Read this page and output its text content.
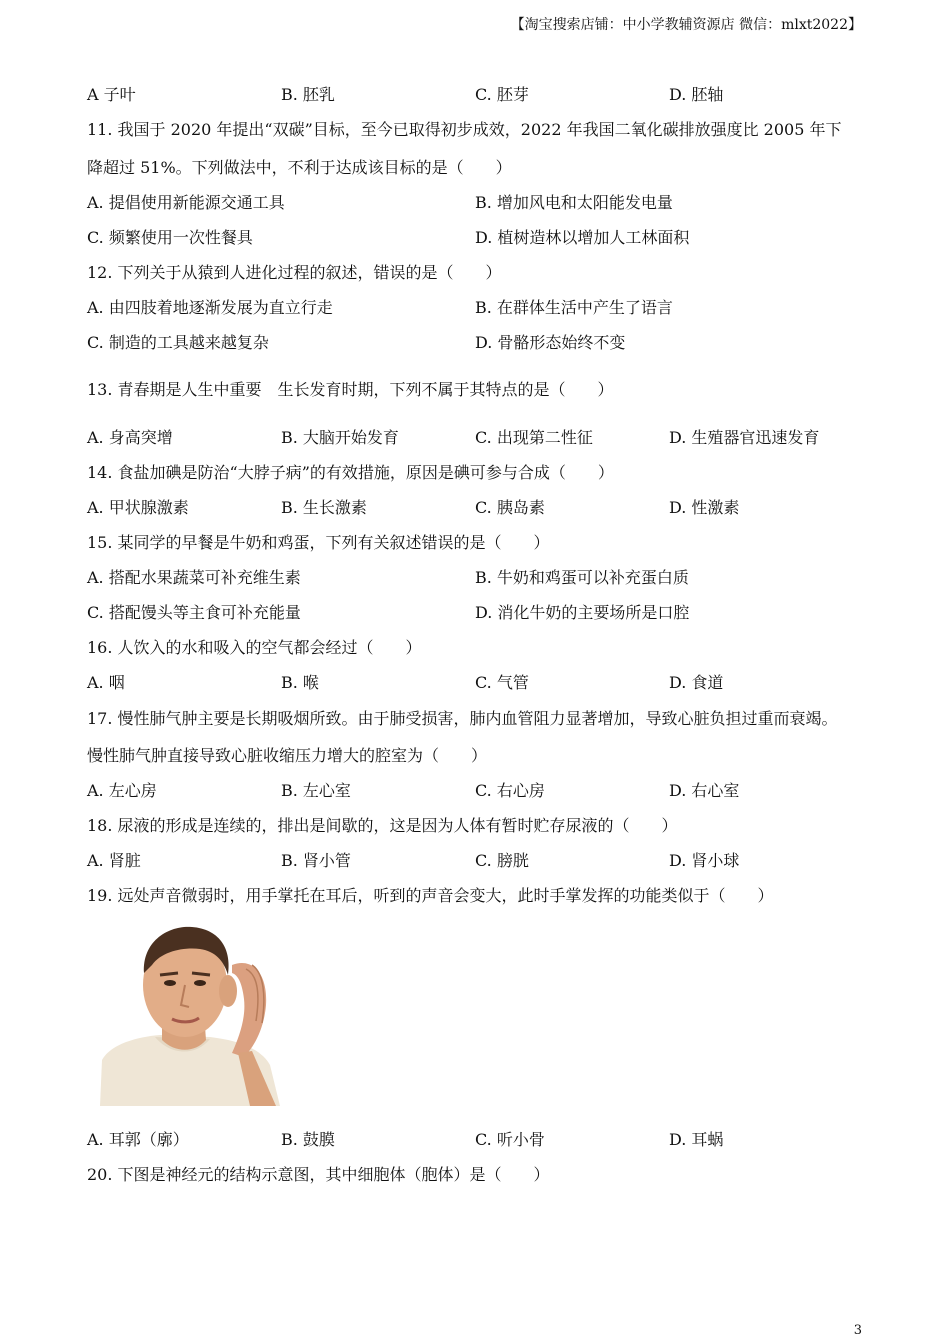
【淘宝搜索店铺：中小学教辅资源店 微信：mlxt2022】
A 子叶	B. 胚乳	C. 胚芽	D. 胚轴
11. 我国于 2020 年提出“双碳”目标，至今已取得初步成效，2022 年我国二氧化碳排放强度比 2005 年下
降超过 51%。下列做法中，不利于达成该目标的是（　　）
A. 提倡使用新能源交通工具	B. 增加风电和太阳能发电量
C. 频繁使用一次性餐具	D. 植树造林以增加人工林面积
12. 下列关于从猿到人进化过程的叙述，错误的是（　　）
A. 由四肢着地逐渐发展为直立行走	B. 在群体生活中产生了语言
C. 制造的工具越来越复杂	D. 骨骼形态始终不变
13. 青春期是人生中重要　生长发育时期，下列不属于其特点的是（　　）
A. 身高突增	B. 大脑开始发育	C. 出现第二性征	D. 生殖器官迅速发育
14. 食盐加碘是防治“大脖子病”的有效措施，原因是碘可参与合成（　　）
A. 甲状腺激素	B. 生长激素	C. 胰岛素	D. 性激素
15. 某同学的早餐是牛奶和鸡蛋，下列有关叙述错误的是（　　）
A. 搭配水果蔬菜可补充维生素	B. 牛奶和鸡蛋可以补充蛋白质
C. 搭配馒头等主食可补充能量	D. 消化牛奶的主要场所是口腔
16. 人饮入的水和吸入的空气都会经过（　　）
A. 咽	B. 喉	C. 气管	D. 食道
17. 慢性肺气肿主要是长期吸烟所致。由于肺受损害，肺内血管阻力显著增加，导致心脏负担过重而衰竭。
慢性肺气肿直接导致心脏收缩压力增大的腔室为（　　）
A. 左心房	B. 左心室	C. 右心房	D. 右心室
18. 尿液的形成是连续的，排出是间歇的，这是因为人体有暂时贮存尿液的（　　）
A. 肾脏	B. 肾小管	C. 膀胱	D. 肾小球
19. 远处声音微弱时，用手掌托在耳后，听到的声音会变大，此时手掌发挥的功能类似于（　　）
A. 耳郭（廓）	B. 鼓膜	C. 听小骨	D. 耳蜗
20. 下图是神经元的结构示意图，其中细胞体（胞体）是（　　）
3
